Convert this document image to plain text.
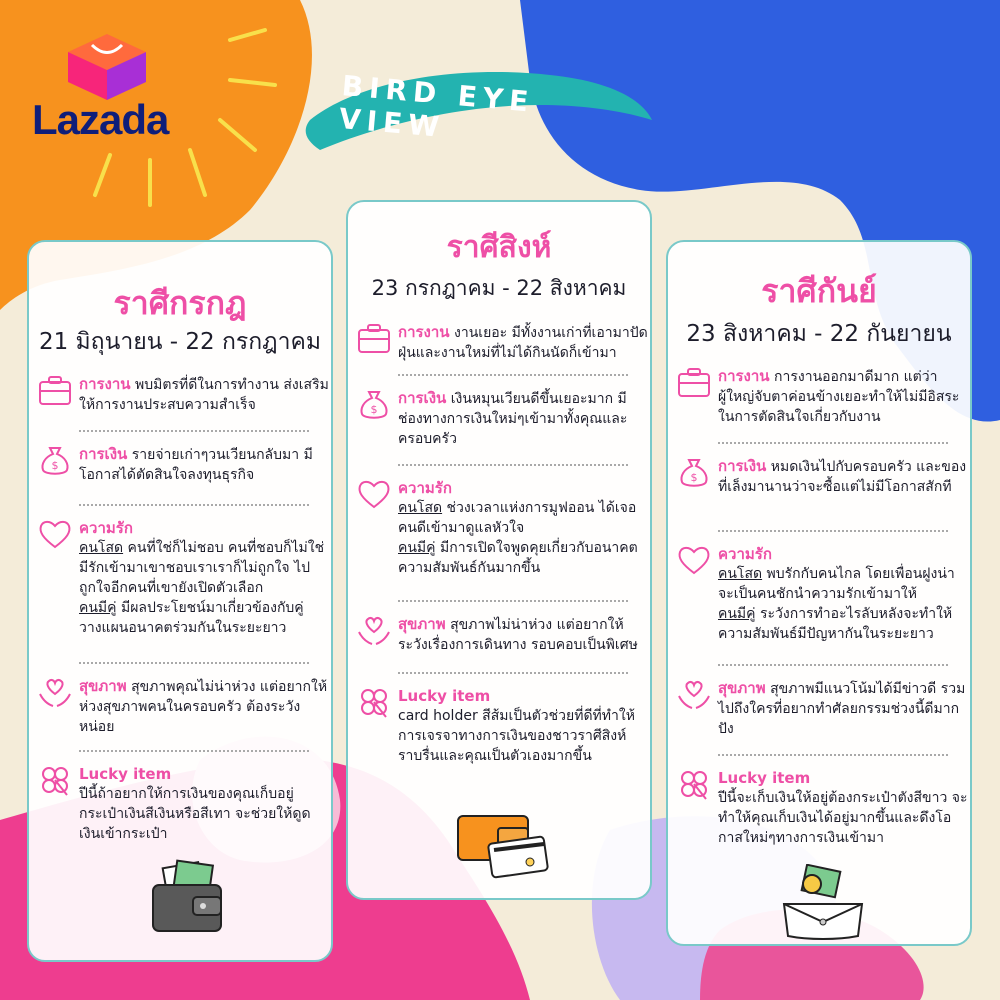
Lazada
BIRD EYE VIEW
ราศีกรกฎ
21 มิถุนายน - 22 กรกฎาคม
การงาน พบมิตรที่ดีในการทำงาน ส่งเสริมให้การงานประสบความสำเร็จ
$
การเงิน รายจ่ายเก่าๆวนเวียนกลับมา มีโอกาสได้ตัดสินใจลงทุนธุรกิจ
ความรัก
คนโสด คนที่ใช่ก็ไม่ชอบ คนที่ชอบก็ไม่ใช่ มีรักเข้ามาเขาชอบเราเราก็ไม่ถูกใจ ไปถูกใจอีกคนที่เขายังเปิดตัวเลือก
คนมีคู่ มีผลประโยชน์มาเกี่ยวข้องกับคู่ วางแผนอนาคตร่วมกันในระยะยาว
สุขภาพ สุขภาพคุณไม่น่าห่วง แต่อยากให้ห่วงสุขภาพคนในครอบครัว ต้องระวังหน่อย
Lucky item
ปีนี้ถ้าอยากให้การเงินของคุณเก็บอยู่ กระเป๋าเงินสีเงินหรือสีเทา จะช่วยให้ดูดเงินเข้ากระเป๋า
ราศีสิงห์
23 กรกฎาคม - 22 สิงหาคม
การงาน งานเยอะ มีทั้งงานเก่าที่เอามาปัดฝุ่นและงานใหม่ที่ไม่ได้กินนัดก็เข้ามา
$
การเงิน เงินหมุนเวียนดีขึ้นเยอะมาก มีช่องทางการเงินใหม่ๆเข้ามาทั้งคุณและครอบครัว
ความรัก
คนโสด ช่วงเวลาแห่งการมูฟออน ได้เจอคนดีเข้ามาดูแลหัวใจ
คนมีคู่ มีการเปิดใจพูดคุยเกี่ยวกับอนาคต ความสัมพันธ์กันมากขึ้น
สุขภาพ สุขภาพไม่น่าห่วง แต่อยากให้ระวังเรื่องการเดินทาง รอบคอบเป็นพิเศษ
Lucky item
card holder สีส้มเป็นตัวช่วยที่ดีที่ทำให้การเจรจาทางการเงินของชาวราศีสิงห์ราบรื่นและคุณเป็นตัวเองมากขึ้น
ราศีกันย์
23 สิงหาคม - 22 กันยายน
การงาน การงานออกมาดีมาก แต่ว่าผู้ใหญ่จับตาค่อนข้างเยอะทำให้ไม่มีอิสระในการตัดสินใจเกี่ยวกับงาน
$
การเงิน หมดเงินไปกับครอบครัว และของที่เล็งมานานว่าจะซื้อแต่ไม่มีโอกาสสักที
ความรัก
คนโสด พบรักกับคนไกล โดยเพื่อนฝูงน่าจะเป็นคนชักนำความรักเข้ามาให้
คนมีคู่ ระวังการทำอะไรลับหลังจะทำให้ความสัมพันธ์มีปัญหากันในระยะยาว
สุขภาพ สุขภาพมีแนวโน้มได้มีข่าวดี รวมไปถึงใครที่อยากทำศัลยกรรมช่วงนี้ดีมากปัง
Lucky item
ปีนี้จะเก็บเงินให้อยู่ต้องกระเป๋าตังสีขาว จะทำให้คุณเก็บเงินได้อยู่มากขึ้นและดึงโอกาสใหม่ๆทางการเงินเข้ามา
